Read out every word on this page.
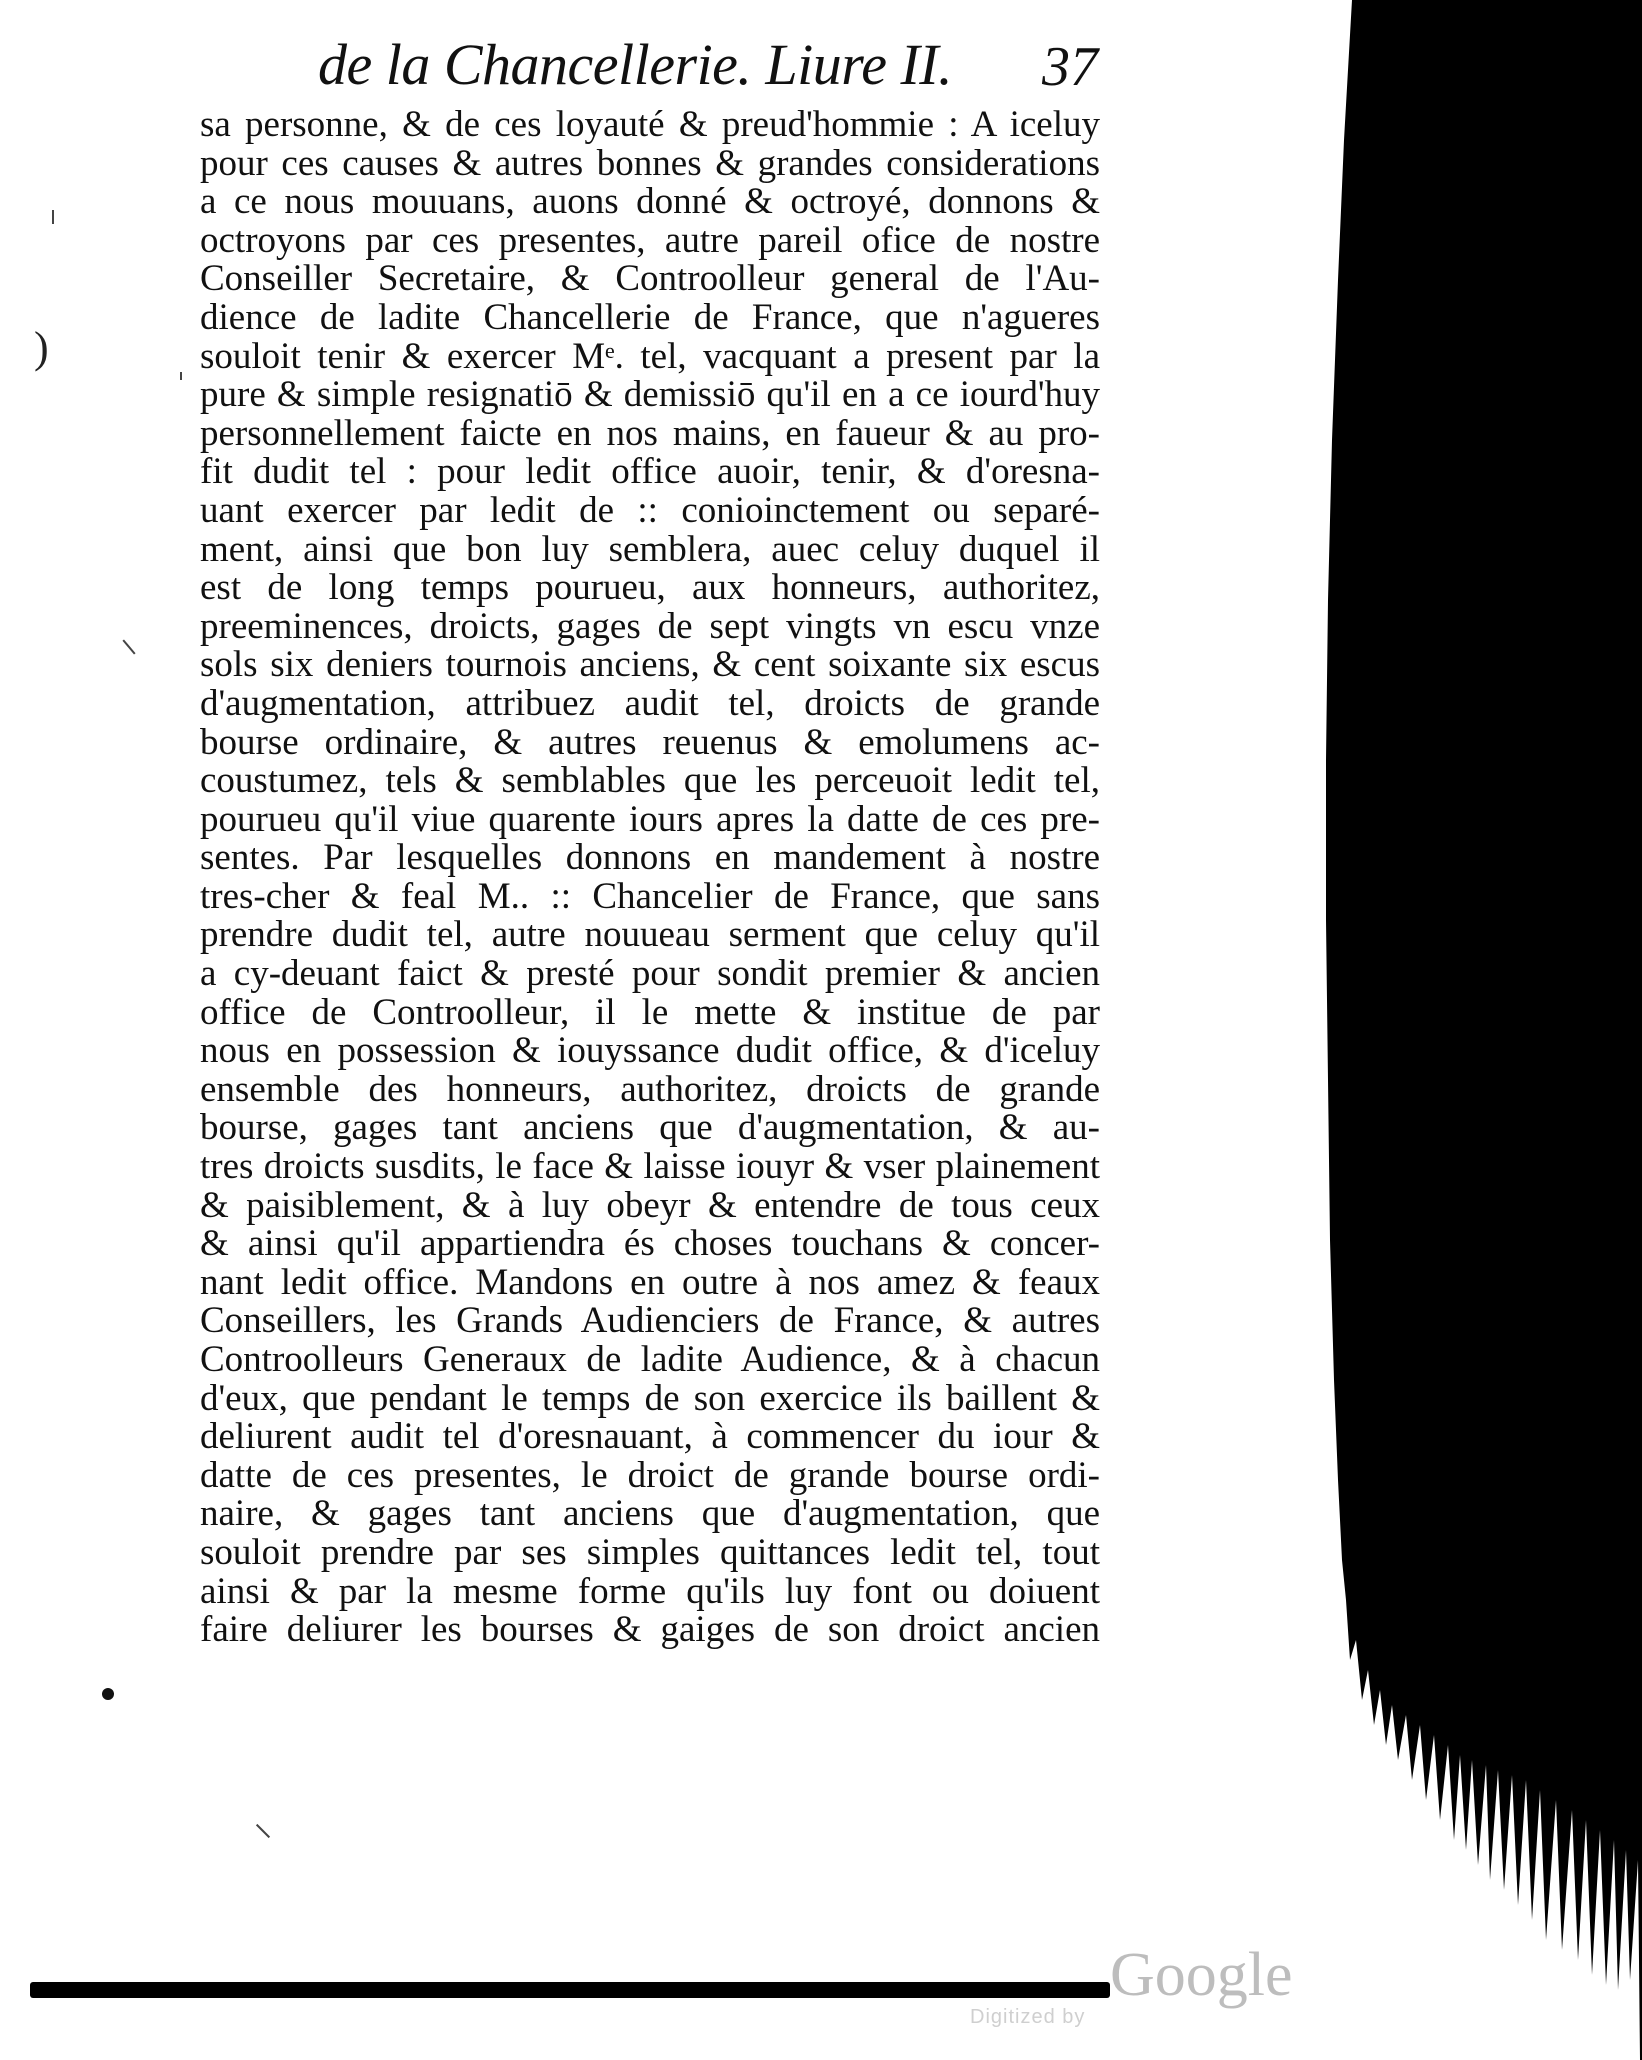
de la Chancellerie. Liure II. 37
)
sa personne, & de ces loyauté & preud'hommie : A iceluy
pour ces causes & autres bonnes & grandes considerations
a ce nous mouuans, auons donné & octroyé, donnons &
octroyons par ces presentes, autre pareil ofice de nostre
Conseiller Secretaire, & Controolleur general de l'Au-
dience de ladite Chancellerie de France, que n'agueres
souloit tenir & exercer Mᵉ. tel, vacquant a present par la
pure & simple resignatiō & demissiō qu'il en a ce iourd'huy
personnellement faicte en nos mains, en faueur & au pro-
fit dudit tel : pour ledit office auoir, tenir, & d'oresna-
uant exercer par ledit de :: conioinctement ou separé-
ment, ainsi que bon luy semblera, auec celuy duquel il
est de long temps pourueu, aux honneurs, authoritez,
preeminences, droicts, gages de sept vingts vn escu vnze
sols six deniers tournois anciens, & cent soixante six escus
d'augmentation, attribuez audit tel, droicts de grande
bourse ordinaire, & autres reuenus & emolumens ac-
coustumez, tels & semblables que les perceuoit ledit tel,
pourueu qu'il viue quarente iours apres la datte de ces pre-
sentes. Par lesquelles donnons en mandement à nostre
tres-cher & feal M.. :: Chancelier de France, que sans
prendre dudit tel, autre nouueau serment que celuy qu'il
a cy-deuant faict & presté pour sondit premier & ancien
office de Controolleur, il le mette & institue de par
nous en possession & iouyssance dudit office, & d'iceluy
ensemble des honneurs, authoritez, droicts de grande
bourse, gages tant anciens que d'augmentation, & au-
tres droicts susdits, le face & laisse iouyr & vser plainement
& paisiblement, & à luy obeyr & entendre de tous ceux
& ainsi qu'il appartiendra és choses touchans & concer-
nant ledit office. Mandons en outre à nos amez & feaux
Conseillers, les Grands Audienciers de France, & autres
Controolleurs Generaux de ladite Audience, & à chacun
d'eux, que pendant le temps de son exercice ils baillent &
deliurent audit tel d'oresnauant, à commencer du iour &
datte de ces presentes, le droict de grande bourse ordi-
naire, & gages tant anciens que d'augmentation, que
souloit prendre par ses simples quittances ledit tel, tout
ainsi & par la mesme forme qu'ils luy font ou doiuent
faire deliurer les bourses & gaiges de son droict ancien
Digitized by
Google
